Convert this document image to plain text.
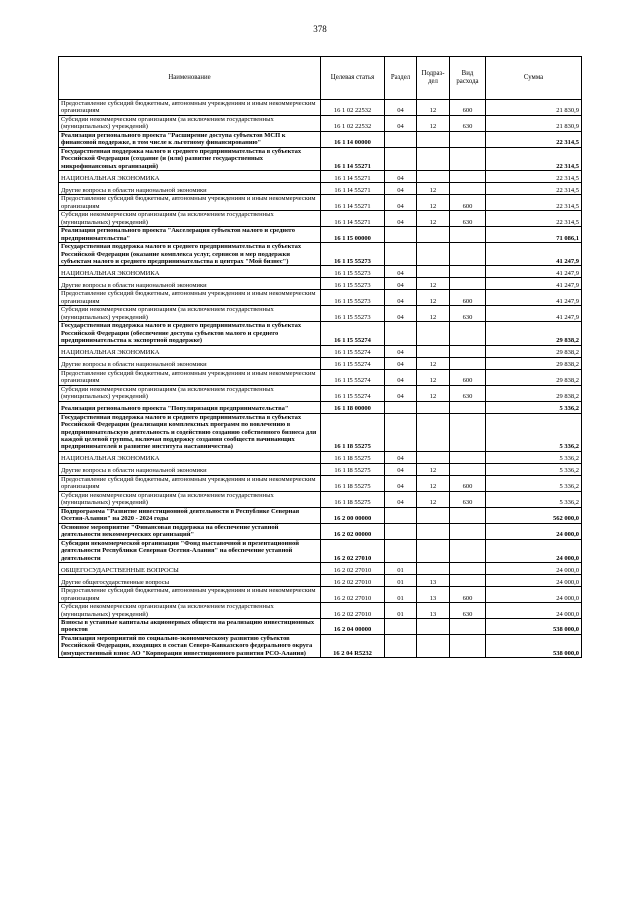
378
Наименование	Целевая статья	Раздел	Подраз-дел	Вид расхода	Сумма
Предоставление субсидий бюджетным, автономным учреждениям и иным некоммерческим организациям	16 1 02 22532	04	12	600	21 830,9
Субсидии некоммерческим организациям (за исключением государственных (муниципальных) учреждений)	16 1 02 22532	04	12	630	21 830,9
Реализация регионального проекта "Расширение доступа субъектов МСП к финансовой поддержке, в том числе к льготному финансированию"	16 1 I4 00000				22 314,5
Государственная поддержка малого и среднего предпринимательства в субъектах Российской Федерации (создание (и (или) развитие государственных микрофинансовых организаций)	16 1 I4 55271				22 314,5
НАЦИОНАЛЬНАЯ ЭКОНОМИКА	16 1 I4 55271	04			22 314,5
Другие вопросы в области национальной экономики	16 1 I4 55271	04	12		22 314,5
Предоставление субсидий бюджетным, автономным учреждениям и иным некоммерческим организациям	16 1 I4 55271	04	12	600	22 314,5
Субсидии некоммерческим организациям (за исключением государственных (муниципальных) учреждений)	16 1 I4 55271	04	12	630	22 314,5
Реализация регионального проекта "Акселерация субъектов малого и среднего предпринимательства"	16 1 I5 00000				71 086,1
Государственная поддержка малого и среднего предпринимательства в субъектах Российской Федерации (оказание комплекса услуг, сервисов и мер поддержки субъектам малого и среднего предпринимательства в центрах "Мой бизнес")	16 1 I5 55273				41 247,9
НАЦИОНАЛЬНАЯ ЭКОНОМИКА	16 1 I5 55273	04			41 247,9
Другие вопросы в области национальной экономики	16 1 I5 55273	04	12		41 247,9
Предоставление субсидий бюджетным, автономным учреждениям и иным некоммерческим организациям	16 1 I5 55273	04	12	600	41 247,9
Субсидии некоммерческим организациям (за исключением государственных (муниципальных) учреждений)	16 1 I5 55273	04	12	630	41 247,9
Государственная поддержка малого и среднего предпринимательства в субъектах Российской Федерации (обеспечение доступа субъектов малого и среднего предпринимательства к экспортной поддержке)	16 1 I5 55274				29 838,2
НАЦИОНАЛЬНАЯ ЭКОНОМИКА	16 1 I5 55274	04			29 838,2
Другие вопросы в области национальной экономики	16 1 I5 55274	04	12		29 838,2
Предоставление субсидий бюджетным, автономным учреждениям и иным некоммерческим организациям	16 1 I5 55274	04	12	600	29 838,2
Субсидии некоммерческим организациям (за исключением государственных (муниципальных) учреждений)	16 1 I5 55274	04	12	630	29 838,2
Реализация регионального проекта "Популяризация предпринимательства"	16 1 I8 00000				5 336,2
Государственная поддержка малого и среднего предпринимательства в субъектах Российской Федерации (реализация комплексных программ по вовлечению в предпринимательскую деятельность и содействию созданию собственного бизнеса для каждой целевой группы, включая поддержку создания сообществ начинающих предпринимателей и развитие института наставничества)	16 1 I8 55275				5 336,2
НАЦИОНАЛЬНАЯ ЭКОНОМИКА	16 1 I8 55275	04			5 336,2
Другие вопросы в области национальной экономики	16 1 I8 55275	04	12		5 336,2
Предоставление субсидий бюджетным, автономным учреждениям и иным некоммерческим организациям	16 1 I8 55275	04	12	600	5 336,2
Субсидии некоммерческим организациям (за исключением государственных (муниципальных) учреждений)	16 1 I8 55275	04	12	630	5 336,2
Подпрограмма "Развитие инвестиционной деятельности в Республике Северная Осетия-Алания" на 2020 - 2024 годы	16 2 00 00000				562 000,0
Основное мероприятие "Финансовая поддержка на обеспечение уставной деятельности некоммерческих организаций"	16 2 02 00000				24 000,0
Субсидии некоммерческой организации "Фонд выставочной и презентационной деятельности Республики Северная Осетия-Алания" на обеспечение уставной деятельности	16 2 02 27010				24 000,0
ОБЩЕГОСУДАРСТВЕННЫЕ ВОПРОСЫ	16 2 02 27010	01			24 000,0
Другие общегосударственные вопросы	16 2 02 27010	01	13		24 000,0
Предоставление субсидий бюджетным, автономным учреждениям и иным некоммерческим организациям	16 2 02 27010	01	13	600	24 000,0
Субсидии некоммерческим организациям (за исключением государственных (муниципальных) учреждений)	16 2 02 27010	01	13	630	24 000,0
Взносы в уставные капиталы акционерных обществ на реализацию инвестиционных проектов	16 2 04 00000				538 000,0
Реализация мероприятий по социально-экономическому развитию субъектов Российской Федерации, входящих в состав Северо-Кавказского федерального округа (имущественный взнос АО "Корпорация инвестиционного развития РСО-Алания)	16 2 04 R5232				538 000,0
